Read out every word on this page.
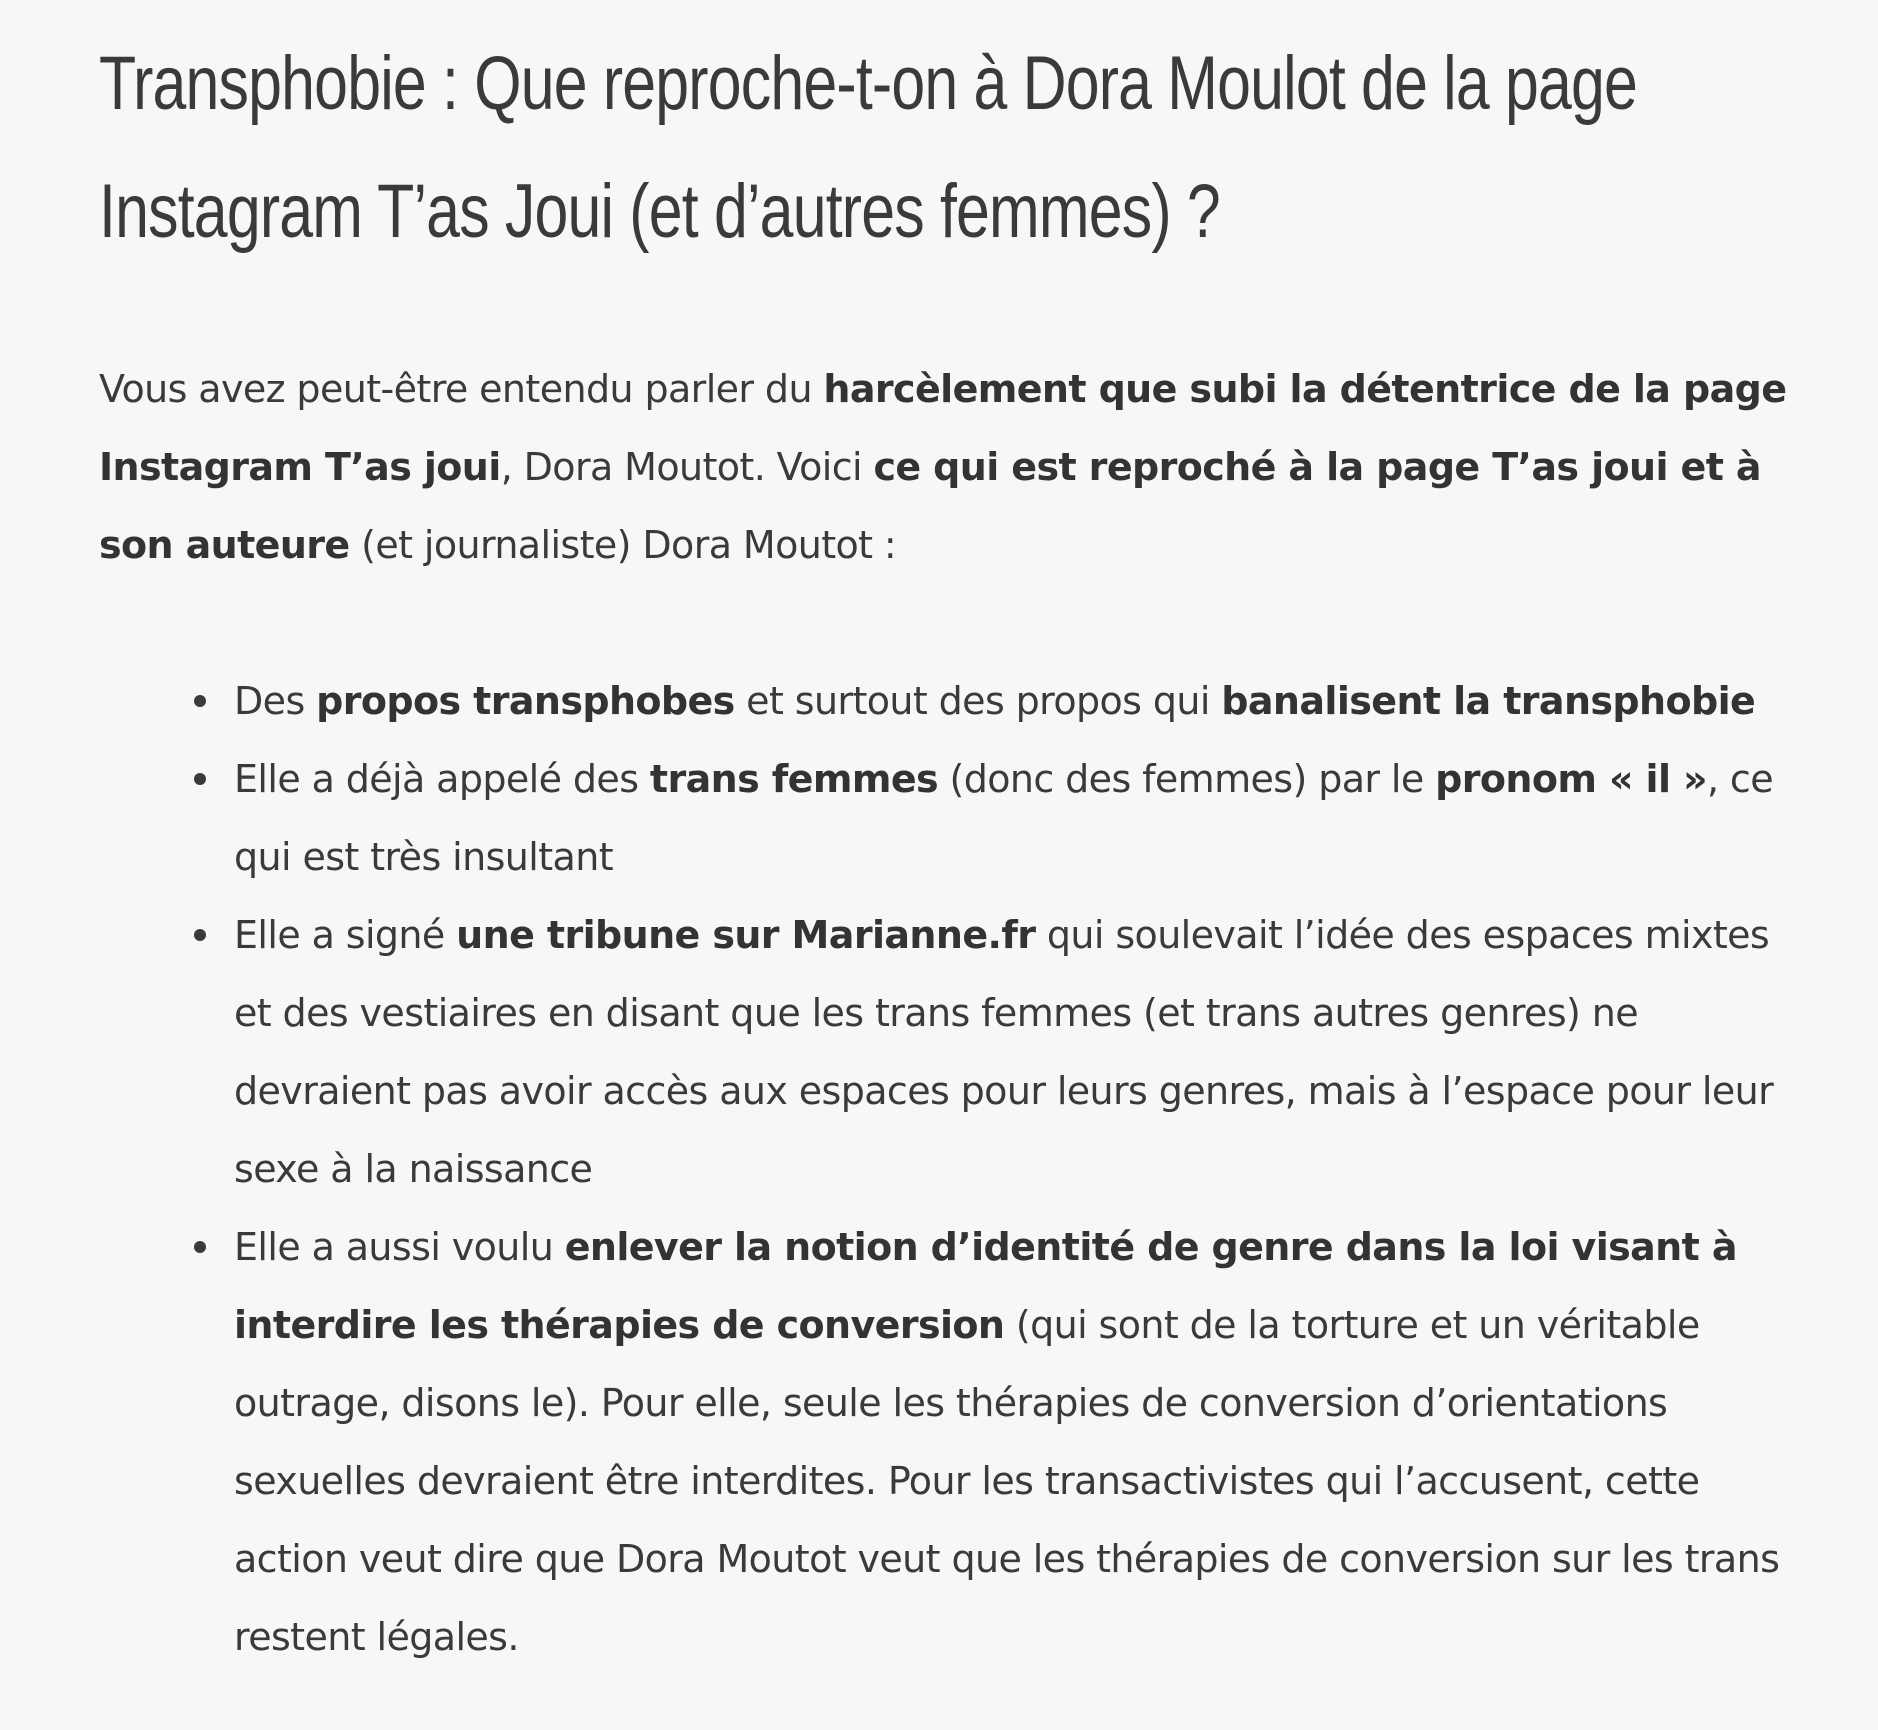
Transphobie : Que reproche-t-on à Dora Moulot de la page Instagram T’as Joui (et d’autres femmes) ?

Vous avez peut-être entendu parler du harcèlement que subi la détentrice de la page Instagram T’as joui, Dora Moutot. Voici ce qui est reproché à la page T’as joui et à son auteure (et journaliste) Dora Moutot :

Des propos transphobes et surtout des propos qui banalisent la transphobie
Elle a déjà appelé des trans femmes (donc des femmes) par le pronom « il », ce qui est très insultant
Elle a signé une tribune sur Marianne.fr qui soulevait l’idée des espaces mixtes et des vestiaires en disant que les trans femmes (et trans autres genres) ne devraient pas avoir accès aux espaces pour leurs genres, mais à l’espace pour leur sexe à la naissance
Elle a aussi voulu enlever la notion d’identité de genre dans la loi visant à interdire les thérapies de conversion (qui sont de la torture et un véritable outrage, disons le). Pour elle, seule les thérapies de conversion d’orientations sexuelles devraient être interdites. Pour les transactivistes qui l’accusent, cette action veut dire que Dora Moutot veut que les thérapies de conversion sur les trans restent légales.
